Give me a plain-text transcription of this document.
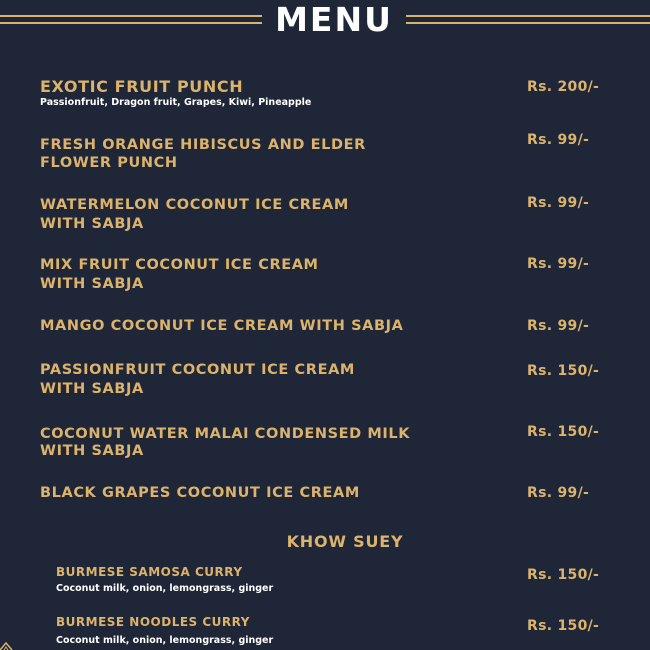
MENU
EXOTIC FRUIT PUNCH
Passionfruit, Dragon fruit, Grapes, Kiwi, Pineapple
Rs. 200/-
FRESH ORANGE HIBISCUS AND ELDER
FLOWER PUNCH
Rs. 99/-
WATERMELON COCONUT ICE CREAM
WITH SABJA
Rs. 99/-
MIX FRUIT COCONUT ICE CREAM
WITH SABJA
Rs. 99/-
MANGO COCONUT ICE CREAM WITH SABJA	Rs. 99/-
PASSIONFRUIT COCONUT ICE CREAM
WITH SABJA
Rs. 150/-
COCONUT WATER MALAI CONDENSED MILK
WITH SABJA
Rs. 150/-
BLACK GRAPES COCONUT ICE CREAM	Rs. 99/-
KHOW SUEY
BURMESE SAMOSA CURRY
Coconut milk, onion, lemongrass, ginger
Rs. 150/-
BURMESE NOODLES CURRY
Coconut milk, onion, lemongrass, ginger
Rs. 150/-
